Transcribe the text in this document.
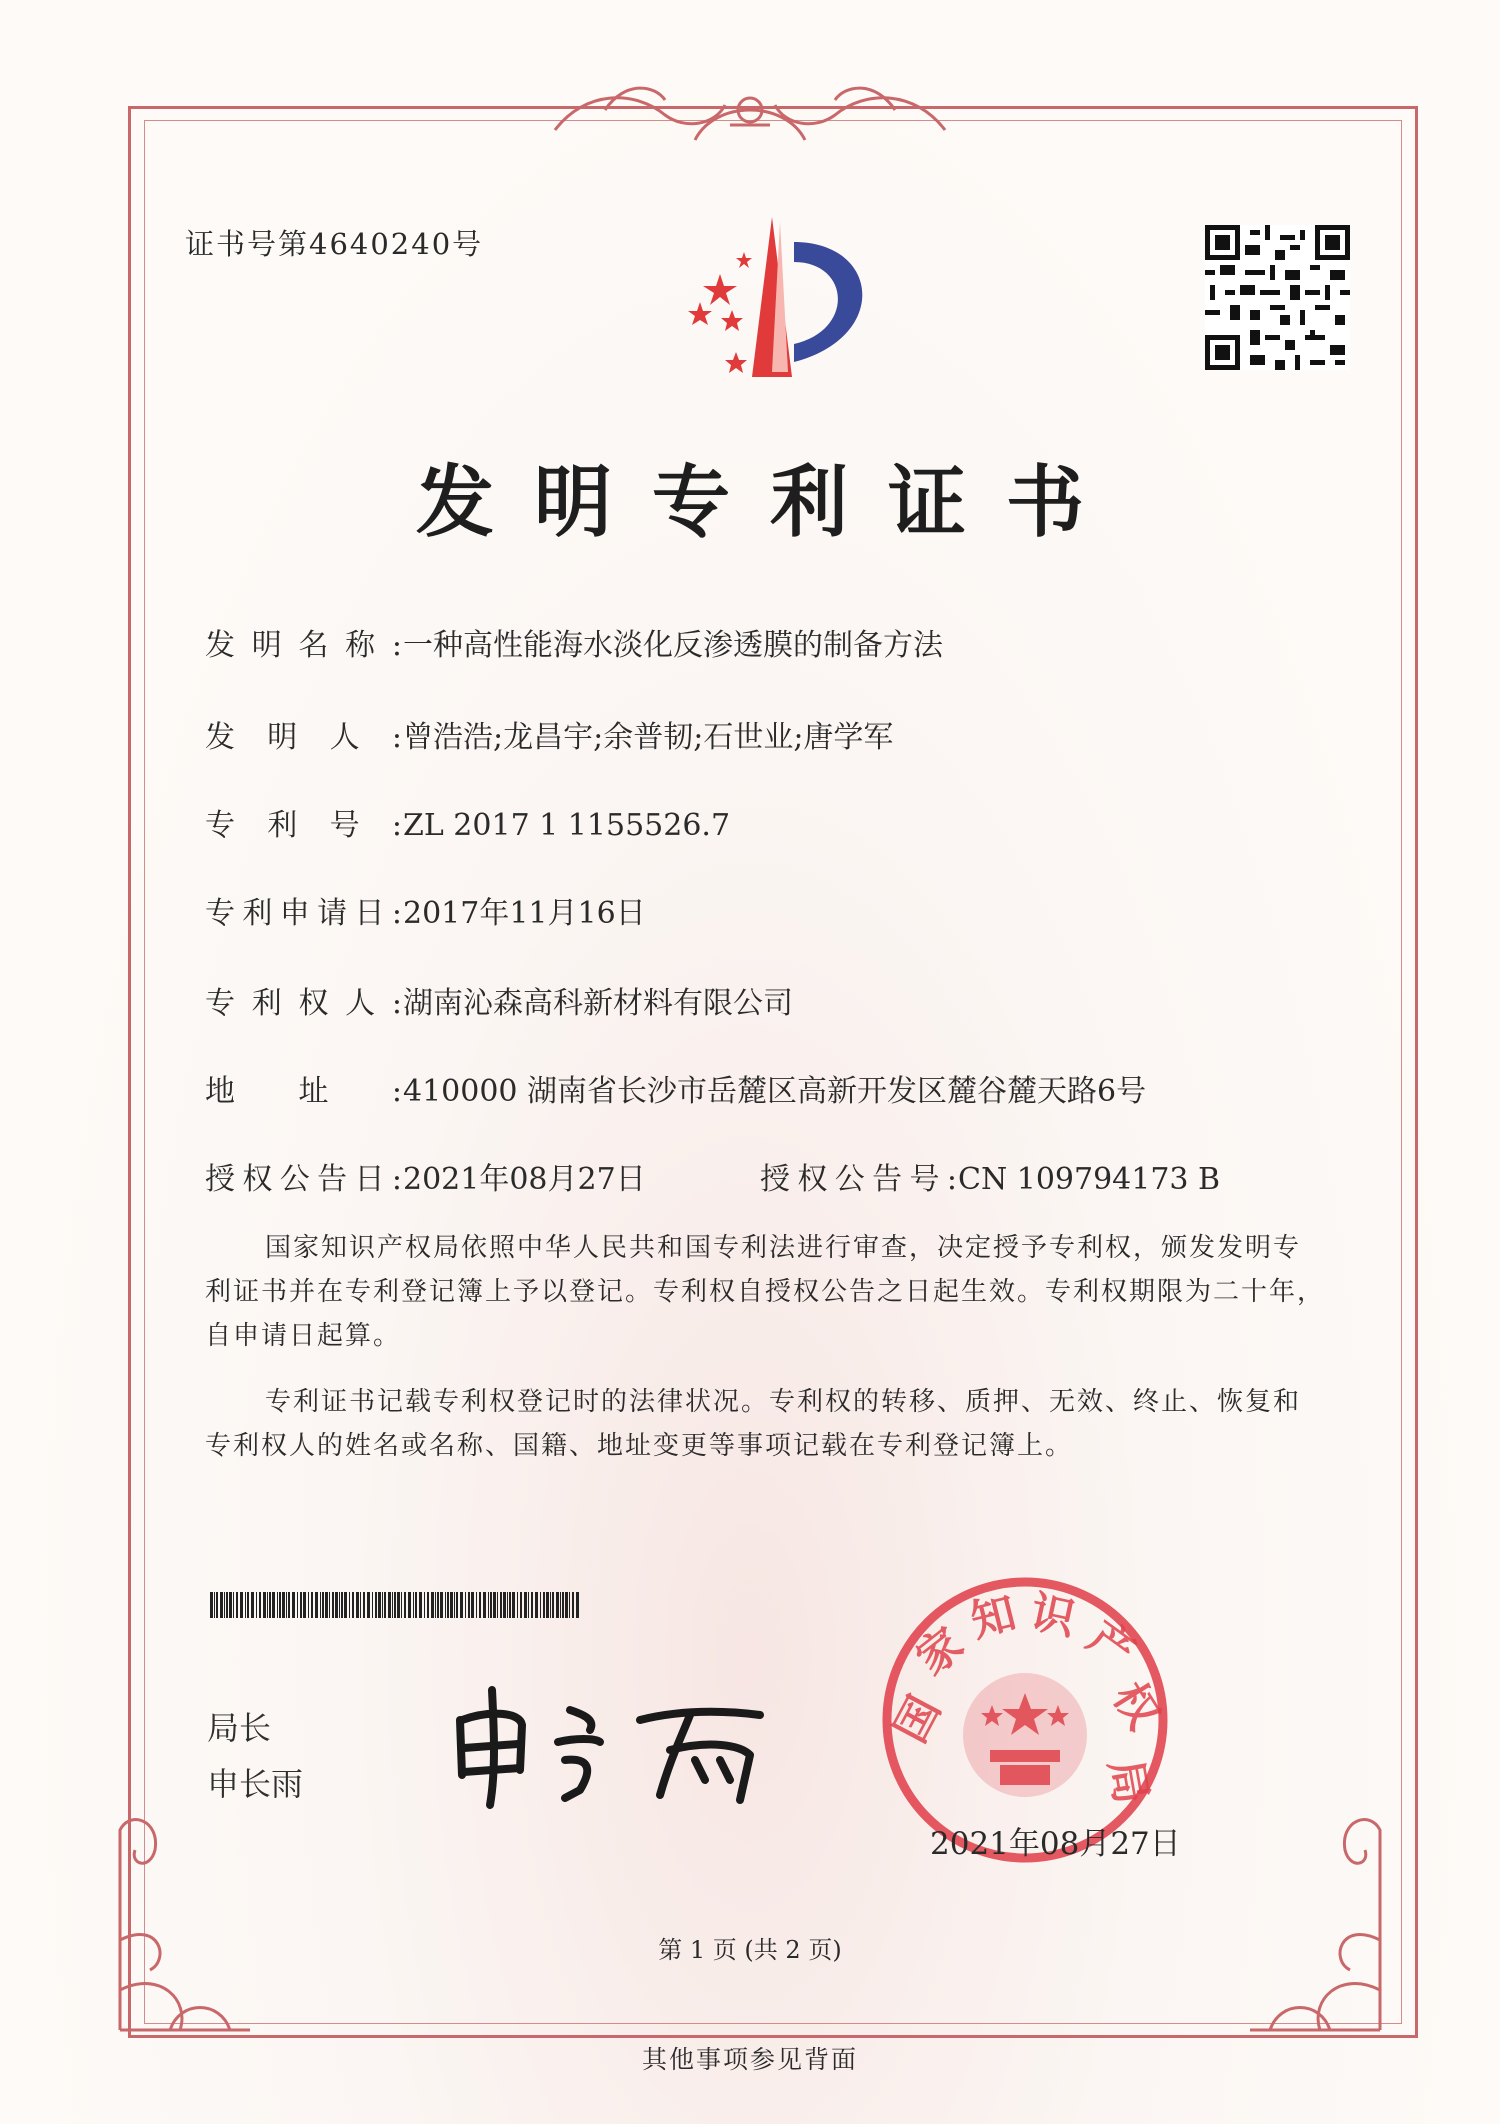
证书号第4640240号
发明专利证书
发明名称:一种高性能海水淡化反渗透膜的制备方法
发明人:曾浩浩;龙昌宇;余普韧;石世业;唐学军
专利号:ZL 2017 1 1155526.7
专利申请日:2017年11月16日
专利权人:湖南沁森高科新材料有限公司
地址:410000 湖南省长沙市岳麓区高新开发区麓谷麓天路6号
授权公告日:2021年08月27日	授权公告号:CN 109794173 B

国家知识产权局依照中华人民共和国专利法进行审查，决定授予专利权，颁发发明专利证书并在专利登记簿上予以登记。专利权自授权公告之日起生效。专利权期限为二十年，自申请日起算。

专利证书记载专利权登记时的法律状况。专利权的转移、质押、无效、终止、恢复和专利权人的姓名或名称、国籍、地址变更等事项记载在专利登记簿上。

局长
申长雨
国
家
知 识
产
权
局
2021年08月27日
第 1 页 (共 2 页)
其他事项参见背面
